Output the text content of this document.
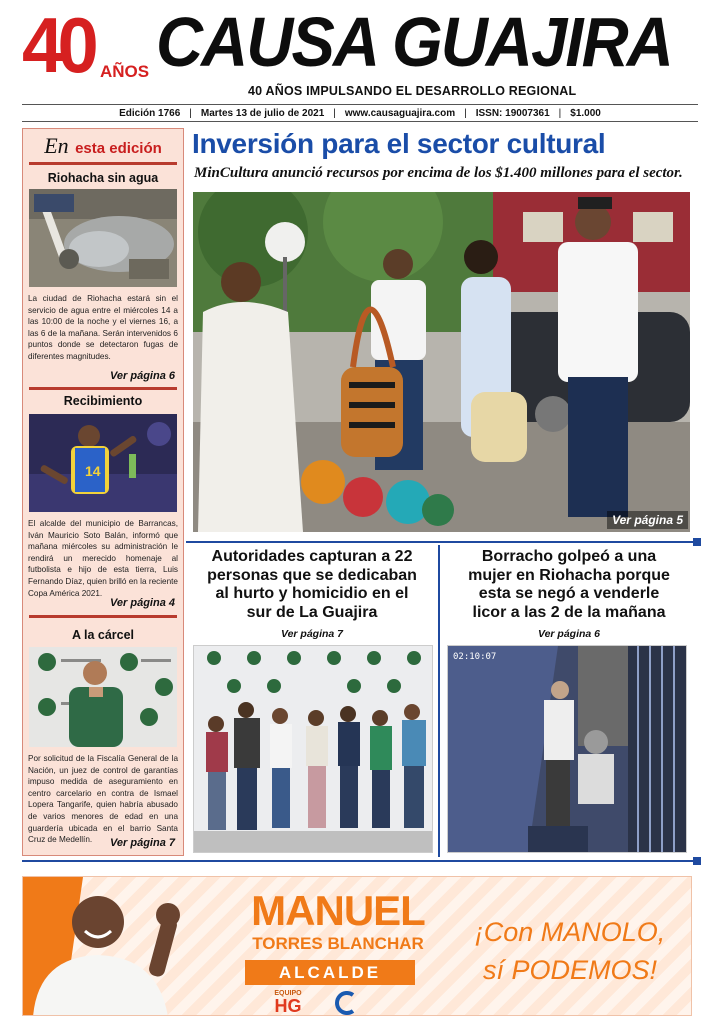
40 AÑOS CAUSA GUAJIRA
40 AÑOS IMPULSANDO EL DESARROLLO REGIONAL
Edición 1766 | Martes 13 de julio de 2021 | www.causaguajira.com | ISSN: 19007361 | $1.000
En esta edición
Riohacha sin agua
La ciudad de Riohacha estará sin el servicio de agua entre el miércoles 14 a las 10:00 de la noche y el viernes 16, a las 6 de la mañana. Serán intervenidos 6 puntos donde se detectaron fugas de diferentes magnitudes.
Ver página 6
Recibimiento
14
El alcalde del municipio de Barrancas, Iván Mauricio Soto Balán, informó que mañana miércoles su administración le rendirá un merecido homenaje al futbolista e hijo de esta tierra, Luis Fernando Díaz, quien brilló en la reciente Copa América 2021.
Ver página 4
A la cárcel
Por solicitud de la Fiscalía General de la Nación, un juez de control de garantías impuso medida de aseguramiento en centro carcelario en contra de Ismael Lopera Tangarife, quien habría abusado de varios menores de edad en una guardería ubicada en el barrio Santa Cruz de Medellín.	Ver página 7
Inversión para el sector cultural
MinCultura anunció recursos por encima de los $1.400 millones para el sector.
Ver página 5
Autoridades capturan a 22
personas que se dedicaban
al hurto y homicidio en el
sur de La Guajira
Ver página 7
Borracho golpeó a una
mujer en Riohacha porque
esta se negó a venderle
licor a las 2 de la mañana
Ver página 6
02:10:07
MANUEL
TORRES BLANCHAR
ALCALDE
EQUIPO
HG
¡Con MANOLO,
sí PODEMOS!
